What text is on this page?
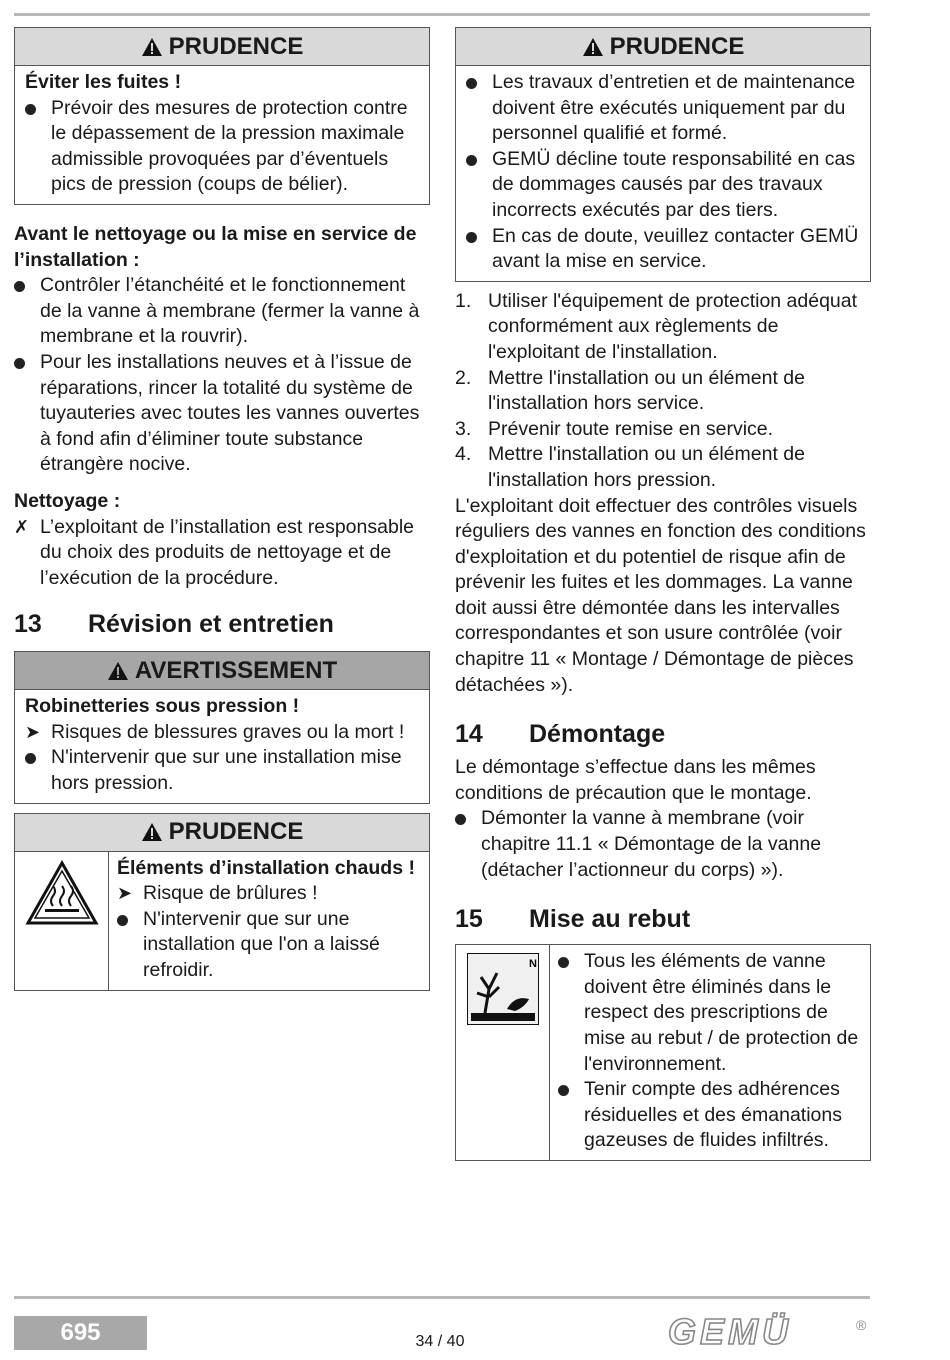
PRUDENCE
Éviter les fuites !
Prévoir des mesures de protection contre le dépassement de la pression maximale admissible provoquées par d’éventuels pics de pression (coups de bélier).
Avant le nettoyage ou la mise en service de l’installation :
Contrôler l’étanchéité et le fonctionnement de la vanne à membrane (fermer la vanne à membrane et la rouvrir).
Pour les installations neuves et à l’issue de réparations, rincer la totalité du système de tuyauteries avec toutes les vannes ouvertes à fond afin d’éliminer toute substance étrangère nocive.
Nettoyage :
✗ L’exploitant de l’installation est responsable du choix des produits de nettoyage et de l’exécution de la procédure.
13	Révision et entretien
AVERTISSEMENT
Robinetteries sous pression !
➤ Risques de blessures graves ou la mort !
N'intervenir que sur une installation mise hors pression.
PRUDENCE
Éléments d’installation chauds !
➤ Risque de brûlures !
N'intervenir que sur une installation que l'on a laissé refroidir.
PRUDENCE
Les travaux d’entretien et de maintenance doivent être exécutés uniquement par du personnel qualifié et formé.
GEMÜ décline toute responsabilité en cas de dommages causés par des travaux incorrects exécutés par des tiers.
En cas de doute, veuillez contacter GEMÜ avant la mise en service.
1. Utiliser l'équipement de protection adéquat conformément aux règlements de l'exploitant de l'installation.
2. Mettre l'installation ou un élément de l'installation hors service.
3. Prévenir toute remise en service.
4. Mettre l'installation ou un élément de l'installation hors pression.
L'exploitant doit effectuer des contrôles visuels réguliers des vannes en fonction des conditions d'exploitation et du potentiel de risque afin de prévenir les fuites et les dommages. La vanne doit aussi être démontée dans les intervalles correspondantes et son usure contrôlée (voir chapitre 11 « Montage / Démontage de pièces détachées »).
14	Démontage
Le démontage s’effectue dans les mêmes conditions de précaution que le montage.
Démonter la vanne à membrane (voir chapitre 11.1 « Démontage de la vanne (détacher l’actionneur du corps) »).
15	Mise au rebut
N	Tous les éléments de vanne doivent être éliminés dans le respect des prescriptions de mise au rebut / de protection de l'environnement.
Tenir compte des adhérences résiduelles et des émanations gazeuses de fluides infiltrés.
695	34 / 40	GEMÜ	®
